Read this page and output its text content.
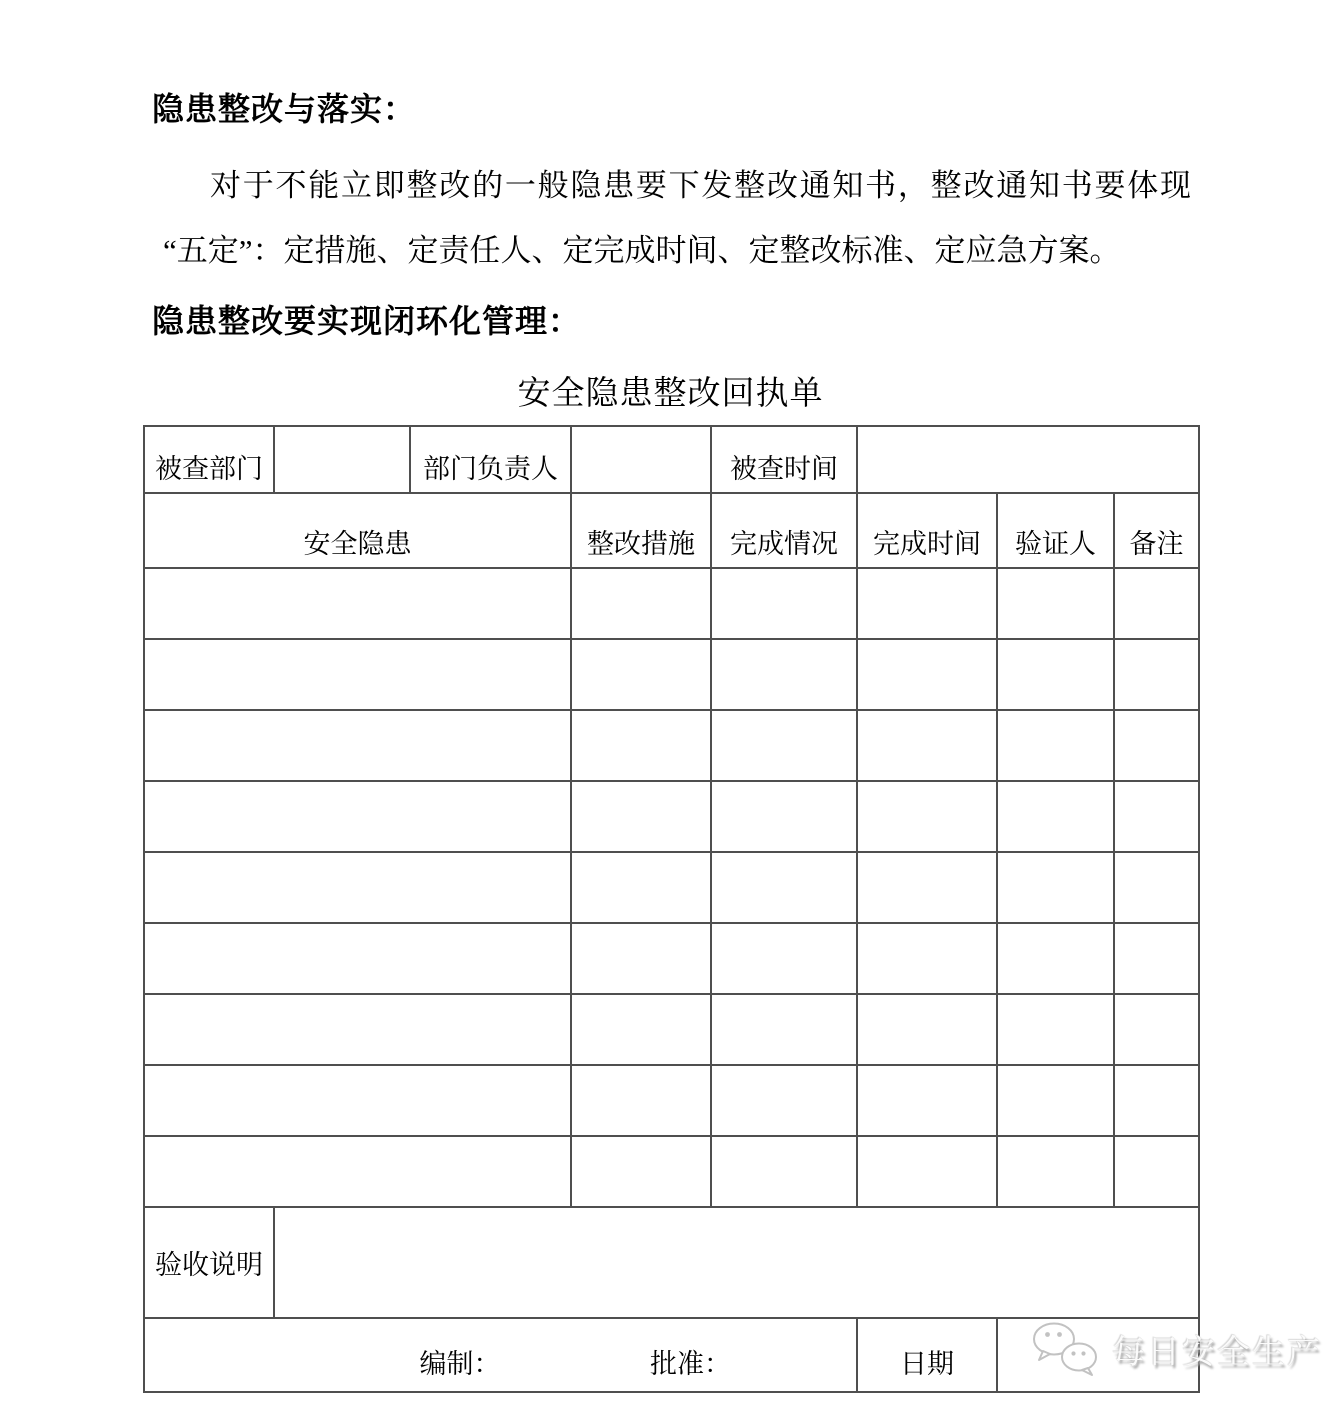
隐患整改与落实：
对于不能立即整改的一般隐患要下发整改通知书，整改通知书要体现
“五定”：定措施、定责任人、定完成时间、定整改标准、定应急方案。
隐患整改要实现闭环化管理：
安全隐患整改回执单
被查部门		部门负责人		被查时间			
安全隐患			整改措施	完成情况	完成时间	验证人	备注

验收说明							
编制： 批准：					日期			每日安全生产
